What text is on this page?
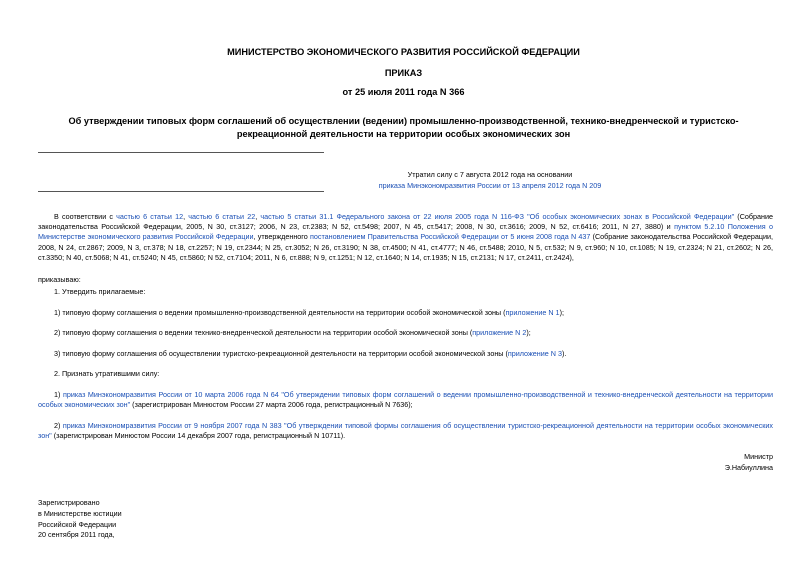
МИНИСТЕРСТВО ЭКОНОМИЧЕСКОГО РАЗВИТИЯ РОССИЙСКОЙ ФЕДЕРАЦИИ
ПРИКАЗ
от 25 июля 2011 года N 366
Об утверждении типовых форм соглашений об осуществлении (ведении) промышленно-производственной, технико-внедренческой и туристско-рекреационной деятельности на территории особых экономических зон
Утратил силу с 7 августа 2012 года на основании
приказа Минэкономразвития России от 13 апреля 2012 года N 209
В соответствии с частью 6 статьи 12, частью 6 статьи 22, частью 5 статьи 31.1 Федерального закона от 22 июля 2005 года N 116-ФЗ "Об особых экономических зонах в Российской Федерации" (Собрание законодательства Российской Федерации, 2005, N 30, ст.3127; 2006, N 23, ст.2383; N 52, ст.5498; 2007, N 45, ст.5417; 2008, N 30, ст.3616; 2009, N 52, ст.6416; 2011, N 27, 3880) и пунктом 5.2.10 Положения о Министерстве экономического развития Российской Федерации, утвержденного постановлением Правительства Российской Федерации от 5 июня 2008 года N 437 (Собрание законодательства Российской Федерации, 2008, N 24, ст.2867; 2009, N 3, ст.378; N 18, ст.2257; N 19, ст.2344; N 25, ст.3052; N 26, ст.3190; N 38, ст.4500; N 41, ст.4777; N 46, ст.5488; 2010, N 5, ст.532; N 9, ст.960; N 10, ст.1085; N 19, ст.2324; N 21, ст.2602; N 26, ст.3350; N 40, ст.5068; N 41, ст.5240; N 45, ст.5860; N 52, ст.7104; 2011, N 6, ст.888; N 9, ст.1251; N 12, ст.1640; N 14, ст.1935; N 15, ст.2131; N 17, ст.2411, ст.2424),
приказываю:
1. Утвердить прилагаемые:
1) типовую форму соглашения о ведении промышленно-производственной деятельности на территории особой экономической зоны (приложение N 1);
2) типовую форму соглашения о ведении технико-внедренческой деятельности на территории особой экономической зоны (приложение N 2);
3) типовую форму соглашения об осуществлении туристско-рекреационной деятельности на территории особой экономической зоны (приложение N 3).
2. Признать утратившими силу:
1) приказ Минэкономразвития России от 10 марта 2006 года N 64 "Об утверждении типовых форм соглашений о ведении промышленно-производственной и технико-внедренческой деятельности на территории особых экономических зон" (зарегистрирован Минюстом России 27 марта 2006 года, регистрационный N 7636);
2) приказ Минэкономразвития России от 9 ноября 2007 года N 383 "Об утверждении типовой формы соглашения об осуществлении туристско-рекреационной деятельности на территории особых экономических зон" (зарегистрирован Минюстом России 14 декабря 2007 года, регистрационный N 10711).
Министр
Э.Набиуллина
Зарегистрировано
в Министерстве юстиции
Российской Федерации
20 сентября 2011 года,
